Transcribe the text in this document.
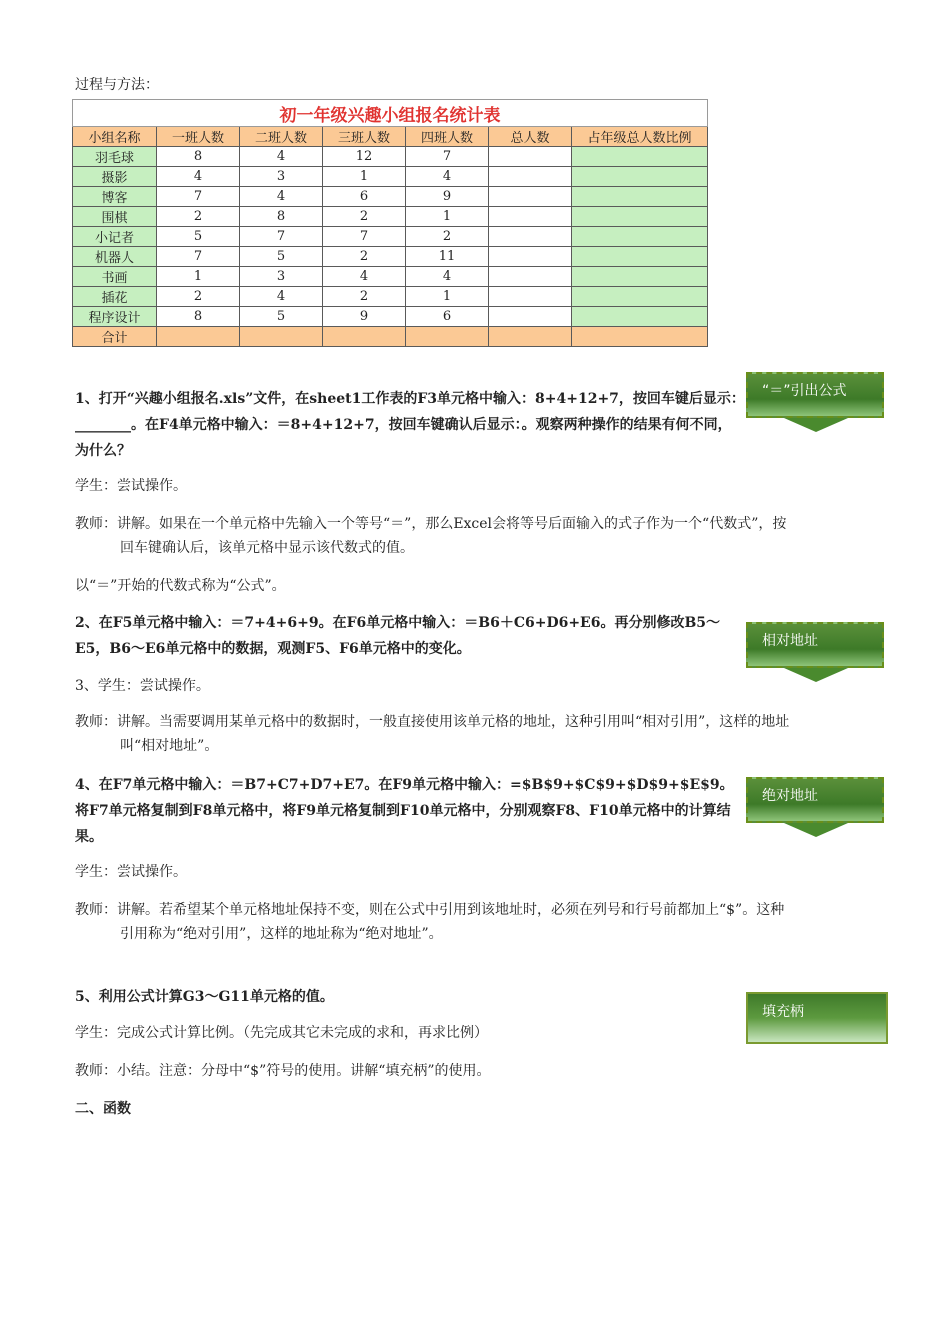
过程与方法：
初一年级兴趣小组报名统计表						
小组名称	一班人数	二班人数	三班人数	四班人数	总人数	占年级总人数比例
羽毛球	8	4	12	7		
摄影	4	3	1	4		
博客	7	4	6	9		
围棋	2	8	2	1		
小记者	5	7	7	2		
机器人	7	5	2	11		
书画	1	3	4	4		
插花	2	4	2	1		
程序设计	8	5	9	6		
合计						
1、打开“兴趣小组报名.xls”文件，在sheet1工作表的F3单元格中输入：8+4+12+7，按回车键后显示：________。在F4单元格中输入：＝8+4+12+7，按回车键确认后显示：。观察两种操作的结果有何不同，为什么？
学生：尝试操作。
教师：讲解。如果在一个单元格中先输入一个等号“＝”，那么Excel会将等号后面输入的式子作为一个“代数式”，按回车键确认后，该单元格中显示该代数式的值。
以“＝”开始的代数式称为“公式”。
2、在F5单元格中输入：＝7+4+6+9。在F6单元格中输入：＝B6＋C6+D6+E6。再分别修改B5～E5，B6～E6单元格中的数据，观测F5、F6单元格中的变化。
3、学生：尝试操作。
教师：讲解。当需要调用某单元格中的数据时，一般直接使用该单元格的地址，这种引用叫“相对引用”，这样的地址叫“相对地址”。
4、在F7单元格中输入：＝B7+C7+D7+E7。在F9单元格中输入：=$B$9+$C$9+$D$9+$E$9。将F7单元格复制到F8单元格中，将F9单元格复制到F10单元格中，分别观察F8、F10单元格中的计算结果。
学生：尝试操作。
教师：讲解。若希望某个单元格地址保持不变，则在公式中引用到该地址时，必须在列号和行号前都加上“$”。这种引用称为“绝对引用”，这样的地址称为“绝对地址”。
5、利用公式计算G3～G11单元格的值。
学生：完成公式计算比例。（先完成其它未完成的求和，再求比例）
教师：小结。注意：分母中“$”符号的使用。讲解“填充柄”的使用。
二、函数
“＝”引出公式
相对地址
绝对地址
填充柄
